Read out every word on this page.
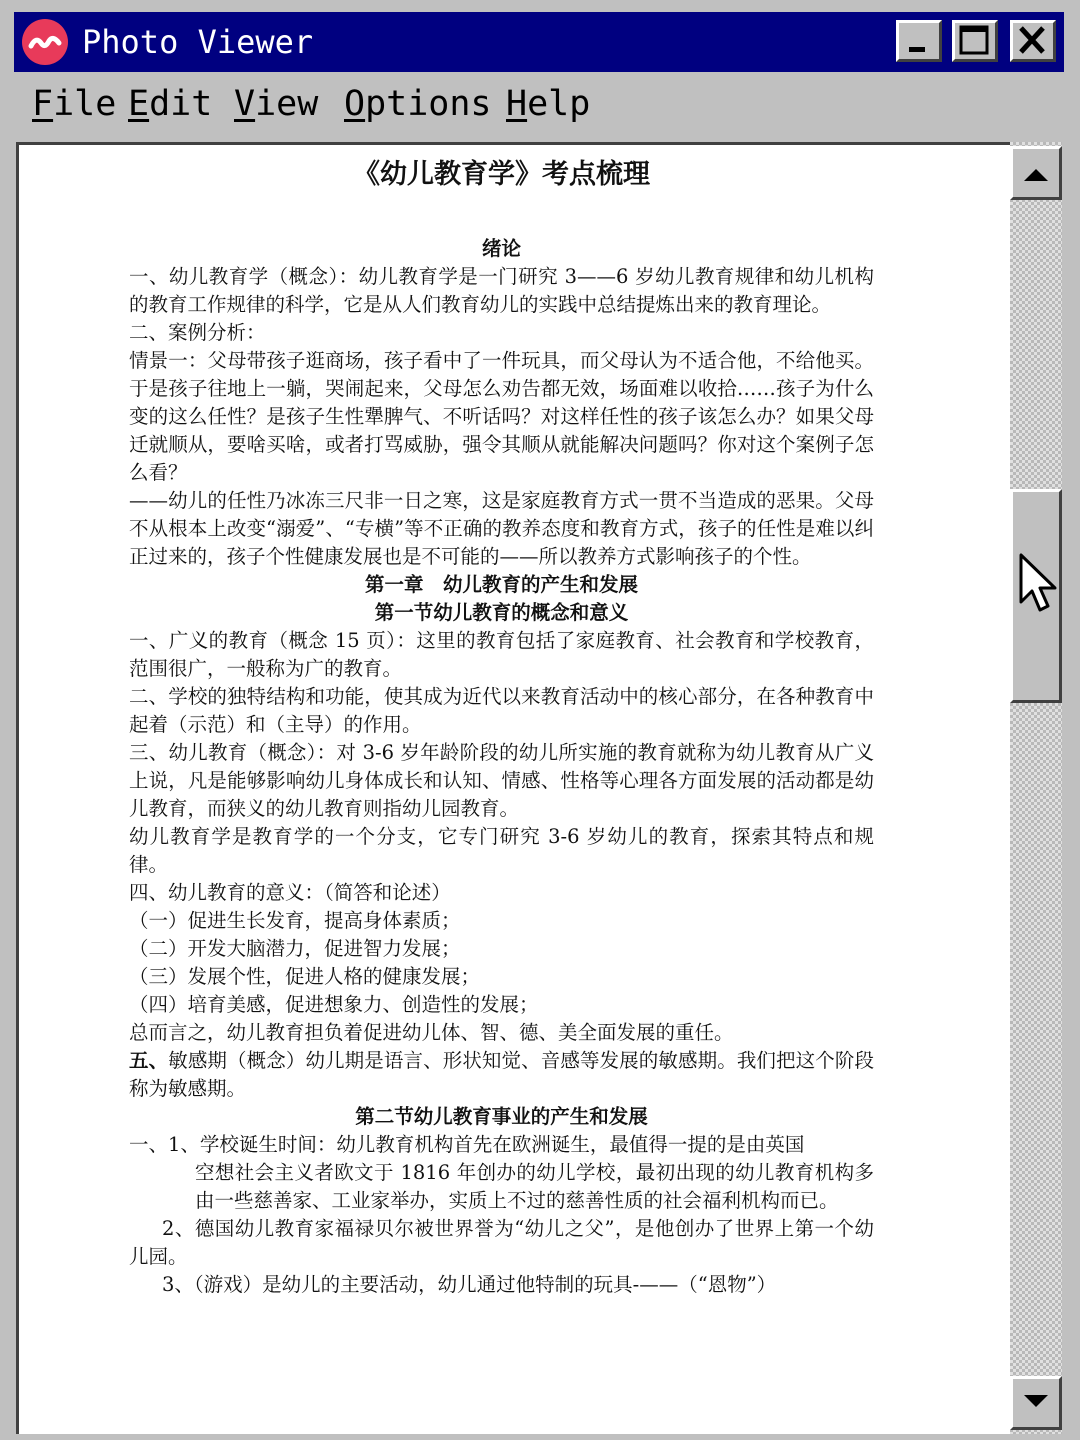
Photo Viewer
File Edit View Options Help

《幼儿教育学》考点梳理

绪论

一、幼儿教育学（概念）：幼儿教育学是一门研究 3——6 岁幼儿教育规律和幼儿机构的教育工作规律的科学，它是从人们教育幼儿的实践中总结提炼出来的教育理论。

二、案例分析：

情景一：父母带孩子逛商场，孩子看中了一件玩具，而父母认为不适合他，不给他买。于是孩子往地上一躺，哭闹起来，父母怎么劝告都无效，场面难以收拾……孩子为什么变的这么任性？是孩子生性犟脾气、不听话吗？对这样任性的孩子该怎么办？如果父母迁就顺从，要啥买啥，或者打骂威胁，强令其顺从就能解决问题吗？你对这个案例子怎么看？

——幼儿的任性乃冰冻三尺非一日之寒，这是家庭教育方式一贯不当造成的恶果。父母不从根本上改变“溺爱”、“专横”等不正确的教养态度和教育方式，孩子的任性是难以纠正过来的，孩子个性健康发展也是不可能的——所以教养方式影响孩子的个性。

第一章　幼儿教育的产生和发展

第一节幼儿教育的概念和意义

一、广义的教育（概念 15 页）：这里的教育包括了家庭教育、社会教育和学校教育，范围很广，一般称为广的教育。

二、学校的独特结构和功能，使其成为近代以来教育活动中的核心部分，在各种教育中起着（示范）和（主导）的作用。

三、幼儿教育（概念）：对 3-6 岁年龄阶段的幼儿所实施的教育就称为幼儿教育从广义上说，凡是能够影响幼儿身体成长和认知、情感、性格等心理各方面发展的活动都是幼儿教育，而狭义的幼儿教育则指幼儿园教育。

幼儿教育学是教育学的一个分支，它专门研究 3-6 岁幼儿的教育，探索其特点和规律。

四、幼儿教育的意义：（简答和论述）

（一）促进生长发育，提高身体素质；

（二）开发大脑潜力，促进智力发展；

（三）发展个性，促进人格的健康发展；

（四）培育美感，促进想象力、创造性的发展；

总而言之，幼儿教育担负着促进幼儿体、智、德、美全面发展的重任。

五、敏感期（概念）幼儿期是语言、形状知觉、音感等发展的敏感期。我们把这个阶段称为敏感期。

第二节幼儿教育事业的产生和发展

一、1、学校诞生时间：幼儿教育机构首先在欧洲诞生，最值得一提的是由英国

空想社会主义者欧文于 1816 年创办的幼儿学校，最初出现的幼儿教育机构多由一些慈善家、工业家举办，实质上不过的慈善性质的社会福利机构而已。

2、德国幼儿教育家福禄贝尔被世界誉为“幼儿之父”，是他创办了世界上第一个幼儿园。

3、（游戏）是幼儿的主要活动，幼儿通过他特制的玩具-——（“恩物”）
